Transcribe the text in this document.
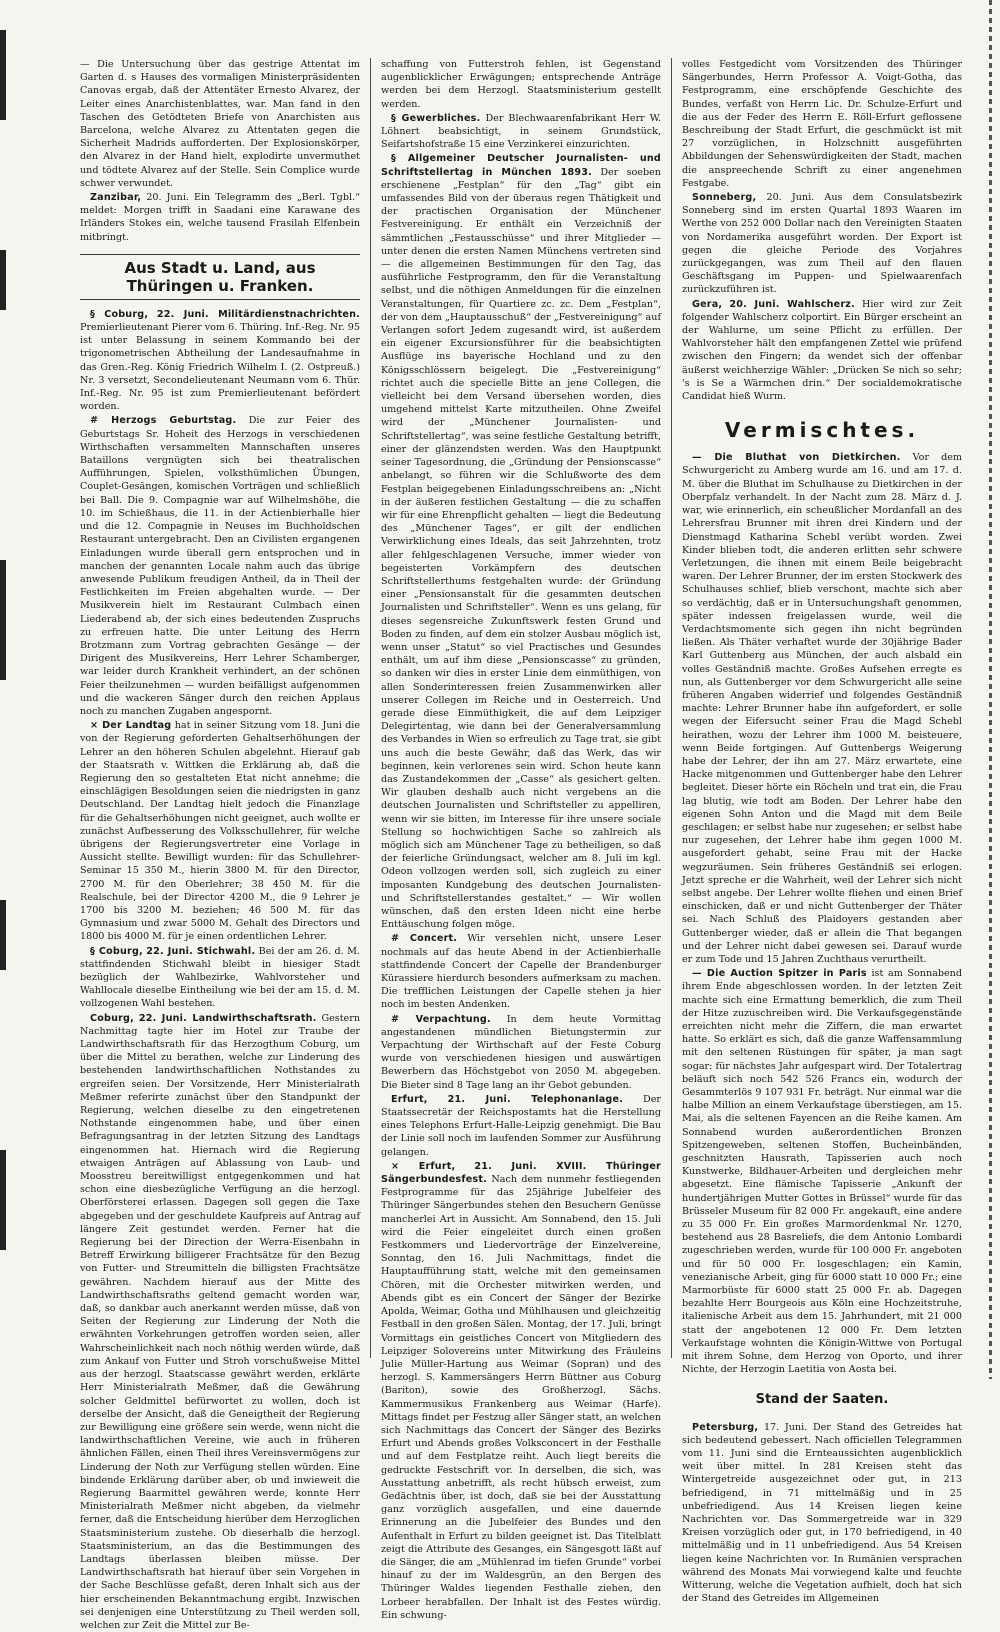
— Die Untersuchung über das gestrige Attentat im Garten d. s Hauses des vormaligen Ministerpräsidenten Canovas ergab, daß der Attentäter Ernesto Alvarez, der Leiter eines Anarchistenblattes, war. Man fand in den Taschen des Getödteten Briefe von Anarchisten aus Barcelona, welche Alvarez zu Attentaten gegen die Sicherheit Madrids aufforderten. Der Explosionskörper, den Alvarez in der Hand hielt, explodirte unvermuthet und tödtete Alvarez auf der Stelle. Sein Complice wurde schwer verwundet.

Zanzibar, 20. Juni. Ein Telegramm des „Berl. Tgbl.“ meldet: Morgen trifft in Saadani eine Karawane des Irländers Stokes ein, welche tausend Frasilah Elfenbein mitbringt.

Aus Stadt u. Land, aus Thüringen u. Franken.

§ Coburg, 22. Juni. Militärdienstnachrichten. Premierlieutenant Pierer vom 6. Thüring. Inf.-Reg. Nr. 95 ist unter Belassung in seinem Kommando bei der trigonometrischen Abtheilung der Landesaufnahme in das Gren.-Reg. König Friedrich Wilhelm I. (2. Ostpreuß.) Nr. 3 versetzt, Secondelieutenant Neumann vom 6. Thür. Inf.-Reg. Nr. 95 ist zum Premierlieutenant befördert worden.

# Herzogs Geburtstag. Die zur Feier des Geburtstags Sr. Hoheit des Herzogs in verschiedenen Wirthschaften versammelten Mannschaften unseres Bataillons vergnügten sich bei theatralischen Aufführungen, Spielen, volksthümlichen Übungen, Couplet-Gesängen, komischen Vorträgen und schließlich bei Ball. Die 9. Compagnie war auf Wilhelmshöhe, die 10. im Schießhaus, die 11. in der Actienbierhalle hier und die 12. Compagnie in Neuses im Buchholdschen Restaurant untergebracht. Den an Civilisten ergangenen Einladungen wurde überall gern entsprochen und in manchen der genannten Locale nahm auch das übrige anwesende Publikum freudigen Antheil, da in Theil der Festlichkeiten im Freien abgehalten wurde. — Der Musikverein hielt im Restaurant Culmbach einen Liederabend ab, der sich eines bedeutenden Zuspruchs zu erfreuen hatte. Die unter Leitung des Herrn Brotzmann zum Vortrag gebrachten Gesänge — der Dirigent des Musikvereins, Herr Lehrer Schamberger, war leider durch Krankheit verhindert, an der schönen Feier theilzunehmen — wurden beifälligst aufgenommen und die wackeren Sänger durch den reichen Applaus noch zu manchen Zugaben angespornt.

× Der Landtag hat in seiner Sitzung vom 18. Juni die von der Regierung geforderten Gehaltserhöhungen der Lehrer an den höheren Schulen abgelehnt. Hierauf gab der Staatsrath v. Wittken die Erklärung ab, daß die Regierung den so gestalteten Etat nicht annehme; die einschlägigen Besoldungen seien die niedrigsten in ganz Deutschland. Der Landtag hielt jedoch die Finanzlage für die Gehaltserhöhungen nicht geeignet, auch wollte er zunächst Aufbesserung des Volksschullehrer, für welche übrigens der Regierungsvertreter eine Vorlage in Aussicht stellte. Bewilligt wurden: für das Schullehrer-Seminar 15 350 M., hierin 3800 M. für den Director, 2700 M. für den Oberlehrer; 38 450 M. für die Realschule, bei der Director 4200 M., die 9 Lehrer je 1700 bis 3200 M. beziehen; 46 500 M. für das Gymnasium und zwar 5000 M. Gehalt des Directors und 1800 bis 4000 M. für je einen ordentlichen Lehrer.

§ Coburg, 22. Juni. Stichwahl. Bei der am 26. d. M. stattfindenden Stichwahl bleibt in hiesiger Stadt bezüglich der Wahlbezirke, Wahlvorsteher und Wahllocale dieselbe Eintheilung wie bei der am 15. d. M. vollzogenen Wahl bestehen.

Coburg, 22. Juni. Landwirthschaftsrath. Gestern Nachmittag tagte hier im Hotel zur Traube der Landwirthschaftsrath für das Herzogthum Coburg, um über die Mittel zu berathen, welche zur Linderung des bestehenden landwirthschaftlichen Nothstandes zu ergreifen seien. Der Vorsitzende, Herr Ministerialrath Meßmer referirte zunächst über den Standpunkt der Regierung, welchen dieselbe zu den eingetretenen Nothstande eingenommen habe, und über einen Befragungsantrag in der letzten Sitzung des Landtags eingenommen hat. Hiernach wird die Regierung etwaigen Anträgen auf Ablassung von Laub- und Moosstreu bereitwilligst entgegenkommen und hat schon eine diesbezügliche Verfügung an die herzogl. Oberförsterei erlassen. Dagegen soll gegen die Taxe abgegeben und der geschuldete Kaufpreis auf Antrag auf längere Zeit gestundet werden. Ferner hat die Regierung bei der Direction der Werra-Eisenbahn in Betreff Erwirkung billigerer Frachtsätze für den Bezug von Futter- und Streumitteln die billigsten Frachtsätze gewähren. Nachdem hierauf aus der Mitte des Landwirthschaftsraths geltend gemacht worden war, daß, so dankbar auch anerkannt werden müsse, daß von Seiten der Regierung zur Linderung der Noth die erwähnten Vorkehrungen getroffen worden seien, aller Wahrscheinlichkeit nach noch nöthig werden würde, daß zum Ankauf von Futter und Stroh vorschußweise Mittel aus der herzogl. Staatscasse gewährt werden, erklärte Herr Ministerialrath Meßmer, daß die Gewährung solcher Geldmittel befürwortet zu wollen, doch ist derselbe der Ansicht, daß die Geneigtheit der Regierung zur Bewilligung eine größere sein werde, wenn nicht die landwirthschaftlichen Vereine, wie auch in früheren ähnlichen Fällen, einen Theil ihres Vereinsvermögens zur Linderung der Noth zur Verfügung stellen würden. Eine bindende Erklärung darüber aber, ob und inwieweit die Regierung Baarmittel gewähren werde, konnte Herr Ministerialrath Meßmer nicht abgeben, da vielmehr ferner, daß die Entscheidung hierüber dem Herzoglichen Staatsministerium zustehe. Ob dieserhalb die herzogl. Staatsministerium, an das die Bestimmungen des Landtags überlassen bleiben müsse. Der Landwirthschaftsrath hat hierauf über sein Vorgehen in der Sache Beschlüsse gefaßt, deren Inhalt sich aus der hier erscheinenden Bekanntmachung ergibt. Inzwischen sei denjenigen eine Unterstützung zu Theil werden soll, welchen zur Zeit die Mittel zur Be-

schaffung von Futterstroh fehlen, ist Gegenstand augenblicklicher Erwägungen; entsprechende Anträge werden bei dem Herzogl. Staatsministerium gestellt werden.

§ Gewerbliches. Der Blechwaarenfabrikant Herr W. Löhnert beabsichtigt, in seinem Grundstück, Seifartshofstraße 15 eine Verzinkerei einzurichten.

§ Allgemeiner Deutscher Journalisten- und Schriftstellertag in München 1893. Der soeben erschienene „Festplan“ für den „Tag“ gibt ein umfassendes Bild von der überaus regen Thätigkeit und der practischen Organisation der Münchener Festvereinigung. Er enthält ein Verzeichniß der sämmtlichen „Festausschüsse“ und ihrer Mitglieder — unter denen die ersten Namen Münchens vertreten sind — die allgemeinen Bestimmungen für den Tag, das ausführliche Festprogramm, den für die Veranstaltung selbst, und die nöthigen Anmeldungen für die einzelnen Veranstaltungen, für Quartiere zc. zc. Dem „Festplan“, der von dem „Hauptausschuß“ der „Festvereinigung“ auf Verlangen sofort Jedem zugesandt wird, ist außerdem ein eigener Excursionsführer für die beabsichtigten Ausflüge ins bayerische Hochland und zu den Königsschlössern beigelegt. Die „Festvereinigung“ richtet auch die specielle Bitte an jene Collegen, die vielleicht bei dem Versand übersehen worden, dies umgehend mittelst Karte mitzutheilen. Ohne Zweifel wird der „Münchener Journalisten- und Schriftstellertag“, was seine festliche Gestaltung betrifft, einer der glänzendsten werden. Was den Hauptpunkt seiner Tagesordnung, die „Gründung der Pensionscasse“ anbelangt, so führen wir die Schlußworte des dem Festplan beigegebenen Einladungsschreibens an: „Nicht in der äußeren festlichen Gestaltung — die zu schaffen wir für eine Ehrenpflicht gehalten — liegt die Bedeutung des „Münchener Tages“, er gilt der endlichen Verwirklichung eines Ideals, das seit Jahrzehnten, trotz aller fehlgeschlagenen Versuche, immer wieder von begeisterten Vorkämpfern des deutschen Schriftstellerthums festgehalten wurde: der Gründung einer „Pensionsanstalt für die gesammten deutschen Journalisten und Schriftsteller“. Wenn es uns gelang, für dieses segensreiche Zukunftswerk festen Grund und Boden zu finden, auf dem ein stolzer Ausbau möglich ist, wenn unser „Statut“ so viel Practisches und Gesundes enthält, um auf ihm diese „Pensionscasse“ zu gründen, so danken wir dies in erster Linie dem einmüthigen, von allen Sonderinteressen freien Zusammenwirken aller unserer Collegen im Reiche und in Oesterreich. Und gerade diese Einmüthigkeit, die auf dem Leipziger Delegirtentag, wie dann bei der Generalversammlung des Verbandes in Wien so erfreulich zu Tage trat, sie gibt uns auch die beste Gewähr, daß das Werk, das wir beginnen, kein verlorenes sein wird. Schon heute kann das Zustandekommen der „Casse“ als gesichert gelten. Wir glauben deshalb auch nicht vergebens an die deutschen Journalisten und Schriftsteller zu appelliren, wenn wir sie bitten, im Interesse für ihre unsere sociale Stellung so hochwichtigen Sache so zahlreich als möglich sich am Münchener Tage zu betheiligen, so daß der feierliche Gründungsact, welcher am 8. Juli im kgl. Odeon vollzogen werden soll, sich zugleich zu einer imposanten Kundgebung des deutschen Journalisten- und Schriftstellerstandes gestaltet.“ — Wir wollen wünschen, daß den ersten Ideen nicht eine herbe Enttäuschung folgen möge.

# Concert. Wir versehlen nicht, unsere Leser nochmals auf das heute Abend in der Actienbierhalle stattfindende Concert der Capelle der Brandenburger Kürassiere hierdurch besonders aufmerksam zu machen. Die trefflichen Leistungen der Capelle stehen ja hier noch im besten Andenken.

# Verpachtung. In dem heute Vormittag angestandenen mündlichen Bietungstermin zur Verpachtung der Wirthschaft auf der Feste Coburg wurde von verschiedenen hiesigen und auswärtigen Bewerbern das Höchstgebot von 2050 M. abgegeben. Die Bieter sind 8 Tage lang an ihr Gebot gebunden.

Erfurt, 21. Juni. Telephonanlage. Der Staatssecretär der Reichspostamts hat die Herstellung eines Telephons Erfurt-Halle-Leipzig genehmigt. Die Bau der Linie soll noch im laufenden Sommer zur Ausführung gelangen.

× Erfurt, 21. Juni. XVIII. Thüringer Sängerbundesfest. Nach dem nunmehr festliegenden Festprogramme für das 25jährige Jubelfeier des Thüringer Sängerbundes stehen den Besuchern Genüsse mancherlei Art in Aussicht. Am Sonnabend, den 15. Juli wird die Feier eingeleitet durch einen großen Festkommers und Liedervorträge der Einzelvereine, Sonntag, den 16. Juli Nachmittags, findet die Hauptaufführung statt, welche mit den gemeinsamen Chören, mit die Orchester mitwirken werden, und Abends gibt es ein Concert der Sänger der Bezirke Apolda, Weimar, Gotha und Mühlhausen und gleichzeitig Festball in den großen Sälen. Montag, der 17. Juli, bringt Vormittags ein geistliches Concert von Mitgliedern des Leipziger Solovereins unter Mitwirkung des Fräuleins Julie Müller-Hartung aus Weimar (Sopran) und des herzogl. S. Kammersängers Herrn Büttner aus Coburg (Bariton), sowie des Großherzogl. Sächs. Kammermusikus Frankenberg aus Weimar (Harfe). Mittags findet per Festzug aller Sänger statt, an welchen sich Nachmittags das Concert der Sänger des Bezirks Erfurt und Abends großes Volksconcert in der Festhalle und auf dem Festplatze reiht. Auch liegt bereits die gedruckte Festschrift vor. In derselben, die sich, was Ausstattung anbetrifft, als recht hübsch erweist, zum Gedächtnis über, ist doch, daß sie bei der Ausstattung ganz vorzüglich ausgefallen, und eine dauernde Erinnerung an die Jubelfeier des Bundes und den Aufenthalt in Erfurt zu bilden geeignet ist. Das Titelblatt zeigt die Attribute des Gesanges, ein Sängesgott läßt auf die Sänger, die am „Mühlenrad im tiefen Grunde“ vorbei hinauf zu der im Waldesgrün, an den Bergen des Thüringer Waldes liegenden Festhalle ziehen, den Lorbeer herabfallen. Der Inhalt ist des Festes würdig. Ein schwung-

volles Festgedicht vom Vorsitzenden des Thüringer Sängerbundes, Herrn Professor A. Voigt-Gotha, das Festprogramm, eine erschöpfende Geschichte des Bundes, verfaßt von Herrn Lic. Dr. Schulze-Erfurt und die aus der Feder des Herrn E. Röll-Erfurt geflossene Beschreibung der Stadt Erfurt, die geschmückt ist mit 27 vorzüglichen, in Holzschnitt ausgeführten Abbildungen der Sehenswürdigkeiten der Stadt, machen die anspreechende Schrift zu einer angenehmen Festgabe.

Sonneberg, 20. Juni. Aus dem Consulatsbezirk Sonneberg sind im ersten Quartal 1893 Waaren im Werthe von 252 000 Dollar nach den Vereinigten Staaten von Nordamerika ausgeführt worden. Der Export ist gegen die gleiche Periode des Vorjahres zurückgegangen, was zum Theil auf den flauen Geschäftsgang im Puppen- und Spielwaarenfach zurückzuführen ist.

Gera, 20. Juni. Wahlscherz. Hier wird zur Zeit folgender Wahlscherz colportirt. Ein Bürger erscheint an der Wahlurne, um seine Pflicht zu erfüllen. Der Wahlvorsteher hält den empfangenen Zettel wie prüfend zwischen den Fingern; da wendet sich der offenbar äußerst weichherzige Wähler: „Drücken Se nich so sehr; 's is Se a Wärmchen drin.“ Der socialdemokratische Candidat hieß Wurm.

Vermischtes.

— Die Bluthat von Dietkirchen. Vor dem Schwurgericht zu Amberg wurde am 16. und am 17. d. M. über die Bluthat im Schulhause zu Dietkirchen in der Oberpfalz verhandelt. In der Nacht zum 28. März d. J. war, wie erinnerlich, ein scheußlicher Mordanfall an des Lehrersfrau Brunner mit ihren drei Kindern und der Dienstmagd Katharina Schebl verübt worden. Zwei Kinder blieben todt, die anderen erlitten sehr schwere Verletzungen, die ihnen mit einem Beile beigebracht waren. Der Lehrer Brunner, der im ersten Stockwerk des Schulhauses schlief, blieb verschont, machte sich aber so verdächtig, daß er in Untersuchungshaft genommen, später indessen freigelassen wurde, weil die Verdachtsmomente sich gegen ihn nicht begründen ließen. Als Thäter verhaftet wurde der 30jährige Bader Karl Guttenberg aus München, der auch alsbald ein volles Geständniß machte. Großes Aufsehen erregte es nun, als Guttenberger vor dem Schwurgericht alle seine früheren Angaben widerrief und folgendes Geständniß machte: Lehrer Brunner habe ihn aufgefordert, er solle wegen der Eifersucht seiner Frau die Magd Schebl heirathen, wozu der Lehrer ihm 1000 M. beisteuere, wenn Beide fortgingen. Auf Guttenbergs Weigerung habe der Lehrer, der ihn am 27. März erwartete, eine Hacke mitgenommen und Guttenberger habe den Lehrer begleitet. Dieser hörte ein Röcheln und trat ein, die Frau lag blutig, wie todt am Boden. Der Lehrer habe den eigenen Sohn Anton und die Magd mit dem Beile geschlagen; er selbst habe nur zugesehen; er selbst habe nur zugesehen, der Lehrer habe ihm gegen 1000 M. ausgefordert gehabt, seine Frau mit der Hacke wegzuräumen. Sein früheres Geständniß sei erlogen. Jetzt spreche er die Wahrheit, weil der Lehrer sich nicht selbst angebe. Der Lehrer wollte fliehen und einen Brief einschicken, daß er und nicht Guttenberger der Thäter sei. Nach Schluß des Plaidoyers gestanden aber Guttenberger wieder, daß er allein die That begangen und der Lehrer nicht dabei gewesen sei. Darauf wurde er zum Tode und 15 Jahren Zuchthaus verurtheilt.

— Die Auction Spitzer in Paris ist am Sonnabend ihrem Ende abgeschlossen worden. In der letzten Zeit machte sich eine Ermattung bemerklich, die zum Theil der Hitze zuzuschreiben wird. Die Verkaufsgegenstände erreichten nicht mehr die Ziffern, die man erwartet hatte. So erklärt es sich, daß die ganze Waffensammlung mit den seltenen Rüstungen für später, ja man sagt sogar: für nächstes Jahr aufgespart wird. Der Totalertrag beläuft sich noch 542 526 Francs ein, wodurch der Gesammterlös 9 107 931 Fr. beträgt. Nur einmal war die halbe Million an einem Verkaufstage überstiegen, am 15. Mai, als die seltenen Fayencen an die Reihe kamen. Am Sonnabend wurden außerordentlichen Bronzen Spitzengeweben, seltenen Stoffen, Bucheinbänden, geschnitzten Hausrath, Tapisserien auch noch Kunstwerke, Bildhauer-Arbeiten und dergleichen mehr abgesetzt. Eine flämische Tapisserie „Ankunft der hundertjährigen Mutter Gottes in Brüssel“ wurde für das Brüsseler Museum für 82 000 Fr. angekauft, eine andere zu 35 000 Fr. Ein großes Marmordenkmal Nr. 1270, bestehend aus 28 Basreliefs, die dem Antonio Lombardi zugeschrieben werden, wurde für 100 000 Fr. angeboten und für 50 000 Fr. losgeschlagen; ein Kamin, venezianische Arbeit, ging für 6000 statt 10 000 Fr.; eine Marmorbüste für 6000 statt 25 000 Fr. ab. Dagegen bezahlte Herr Bourgeois aus Köln eine Hochzeitstruhe, italienische Arbeit aus dem 15. Jahrhundert, mit 21 000 statt der angebotenen 12 000 Fr. Dem letzten Verkaufstage wohnten die Königin-Wittwe von Portugal mit ihrem Sohne, dem Herzog von Oporto, und ihrer Nichte, der Herzogin Laetitia von Aosta bei.

Stand der Saaten.

Petersburg, 17. Juni. Der Stand des Getreides hat sich bedeutend gebessert. Nach officiellen Telegrammen vom 11. Juni sind die Ernteaussichten augenblicklich weit über mittel. In 281 Kreisen steht das Wintergetreide ausgezeichnet oder gut, in 213 befriedigend, in 71 mittelmäßig und in 25 unbefriedigend. Aus 14 Kreisen liegen keine Nachrichten vor. Das Sommergetreide war in 329 Kreisen vorzüglich oder gut, in 170 befriedigend, in 40 mittelmäßig und in 11 unbefriedigend. Aus 54 Kreisen liegen keine Nachrichten vor. In Rumänien versprachen während des Monats Mai vorwiegend kalte und feuchte Witterung, welche die Vegetation aufhielt, doch hat sich der Stand des Getreides im Allgemeinen
